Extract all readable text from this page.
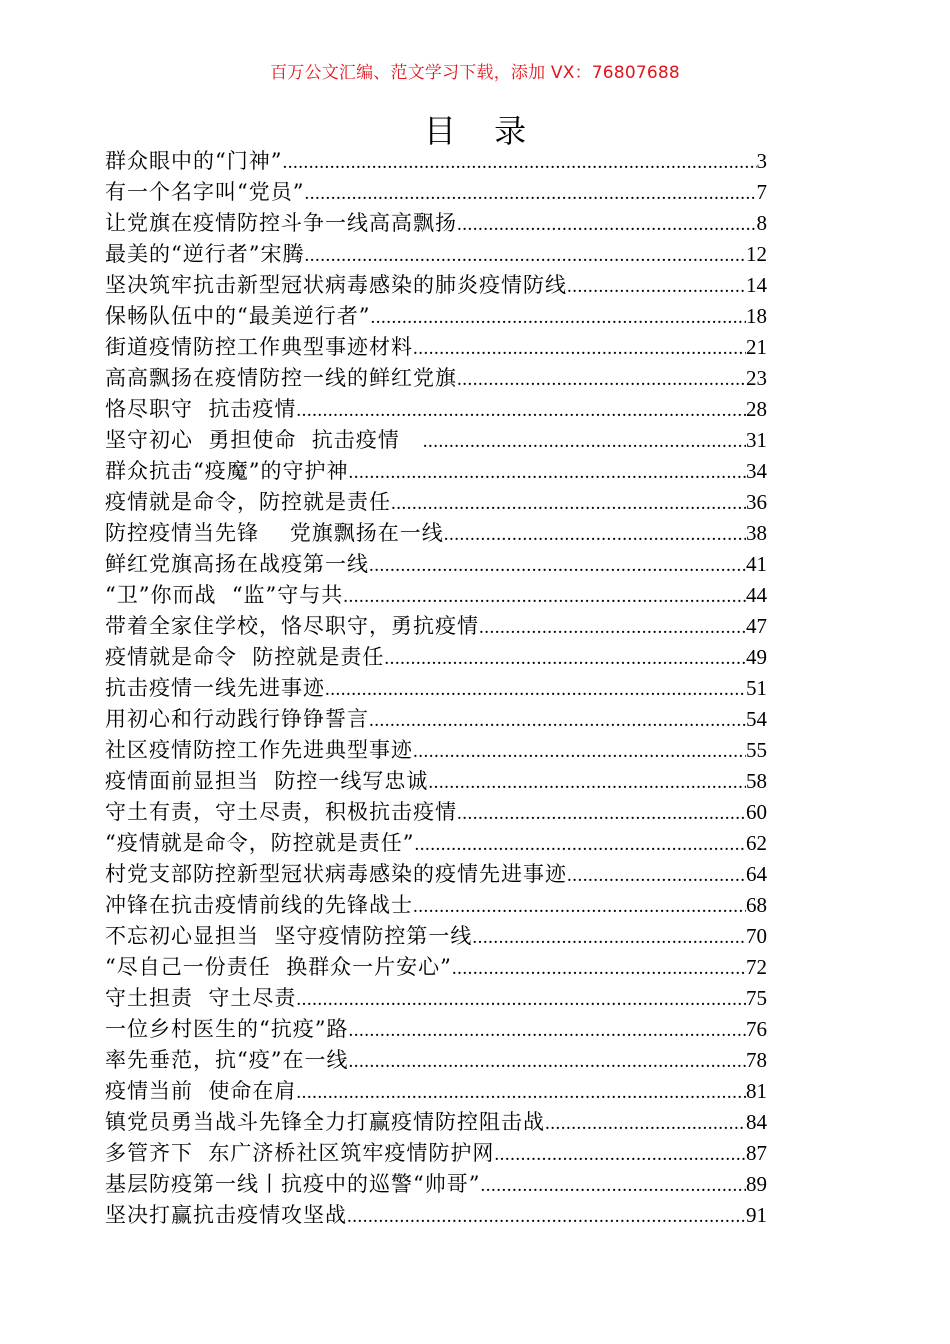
百万公文汇编、范文学习下载，添加 VX：76807688
目 录
群众眼中的“门神” .....	3
有一个名字叫“党员” .....	7
让党旗在疫情防控斗争一线高高飘扬 .....	8
最美的“逆行者”宋腾 .....	12
坚决筑牢抗击新型冠状病毒感染的肺炎疫情防线 .....	14
保畅队伍中的“最美逆行者” .....	18
街道疫情防控工作典型事迹材料 .....	21
高高飘扬在疫情防控一线的鲜红党旗 .....	23
恪尽职守  抗击疫情 .....	28
坚守初心  勇担使命  抗击疫情 .....	31
群众抗击“疫魔”的守护神 .....	34
疫情就是命令，防控就是责任 .....	36
防控疫情当先锋    党旗飘扬在一线 .....	38
鲜红党旗高扬在战疫第一线 .....	41
“卫”你而战  “监”守与共 .....	44
带着全家住学校，恪尽职守，勇抗疫情 .....	47
疫情就是命令  防控就是责任 .....	49
抗击疫情一线先进事迹 .....	51
用初心和行动践行铮铮誓言 .....	54
社区疫情防控工作先进典型事迹 .....	55
疫情面前显担当  防控一线写忠诚 .....	58
守土有责，守土尽责，积极抗击疫情 .....	60
“疫情就是命令，防控就是责任” .....	62
村党支部防控新型冠状病毒感染的疫情先进事迹 .....	64
冲锋在抗击疫情前线的先锋战士 .....	68
不忘初心显担当  坚守疫情防控第一线 .....	70
“尽自己一份责任  换群众一片安心” .....	72
守土担责  守土尽责 .....	75
一位乡村医生的“抗疫”路 .....	76
率先垂范，抗“疫”在一线 .....	78
疫情当前  使命在肩 .....	81
镇党员勇当战斗先锋全力打赢疫情防控阻击战 .....	84
多管齐下  东广济桥社区筑牢疫情防护网 .....	87
基层防疫第一线丨抗疫中的巡警“帅哥” .....	89
坚决打赢抗击疫情攻坚战 .....	91
